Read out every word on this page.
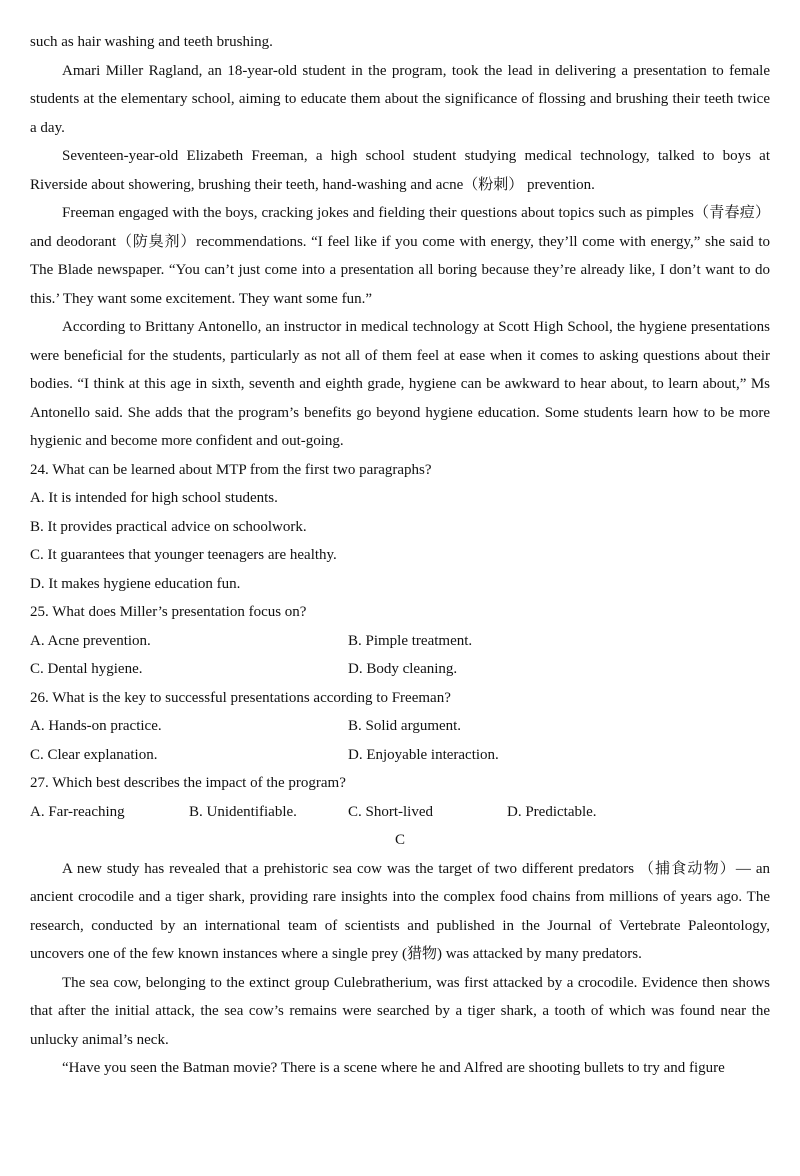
such as hair washing and teeth brushing.

Amari Miller Ragland, an 18-year-old student in the program, took the lead in delivering a presentation to female students at the elementary school, aiming to educate them about the significance of flossing and brushing their teeth twice a day.

Seventeen-year-old Elizabeth Freeman, a high school student studying medical technology, talked to boys at Riverside about showering, brushing their teeth, hand-washing and acne（粉刺） prevention.

Freeman engaged with the boys, cracking jokes and fielding their questions about topics such as pimples（青春痘）and deodorant（防臭剂）recommendations. “I feel like if you come with energy, they’ll come with energy,” she said to The Blade newspaper. “You can’t just come into a presentation all boring because they’re already like, I don’t want to do this.’ They want some excitement. They want some fun.”

According to Brittany Antonello, an instructor in medical technology at Scott High School, the hygiene presentations were beneficial for the students, particularly as not all of them feel at ease when it comes to asking questions about their bodies. “I think at this age in sixth, seventh and eighth grade, hygiene can be awkward to hear about, to learn about,” Ms Antonello said. She adds that the program’s benefits go beyond hygiene education. Some students learn how to be more hygienic and become more confident and out-going.

24. What can be learned about MTP from the first two paragraphs?

A. It is intended for high school students.
B. It provides practical advice on schoolwork.
C. It guarantees that younger teenagers are healthy.
D. It makes hygiene education fun.

25. What does Miller’s presentation focus on?

A. Acne prevention.	B. Pimple treatment.
C. Dental hygiene.	D. Body cleaning.

26. What is the key to successful presentations according to Freeman?

A. Hands-on practice.	B. Solid argument.
C. Clear explanation.	D. Enjoyable interaction.

27. Which best describes the impact of the program?

A. Far-reaching	B. Unidentifiable.	C. Short-lived	D. Predictable.

C

A new study has revealed that a prehistoric sea cow was the target of two different predators （捕食动物）— an ancient crocodile and a tiger shark, providing rare insights into the complex food chains from millions of years ago. The research, conducted by an international team of scientists and published in the Journal of Vertebrate Paleontology, uncovers one of the few known instances where a single prey (猎物) was attacked by many predators.

The sea cow, belonging to the extinct group Culebratherium, was first attacked by a crocodile. Evidence then shows that after the initial attack, the sea cow’s remains were searched by a tiger shark, a tooth of which was found near the unlucky animal’s neck.

“Have you seen the Batman movie? There is a scene where he and Alfred are shooting bullets to try and figure
